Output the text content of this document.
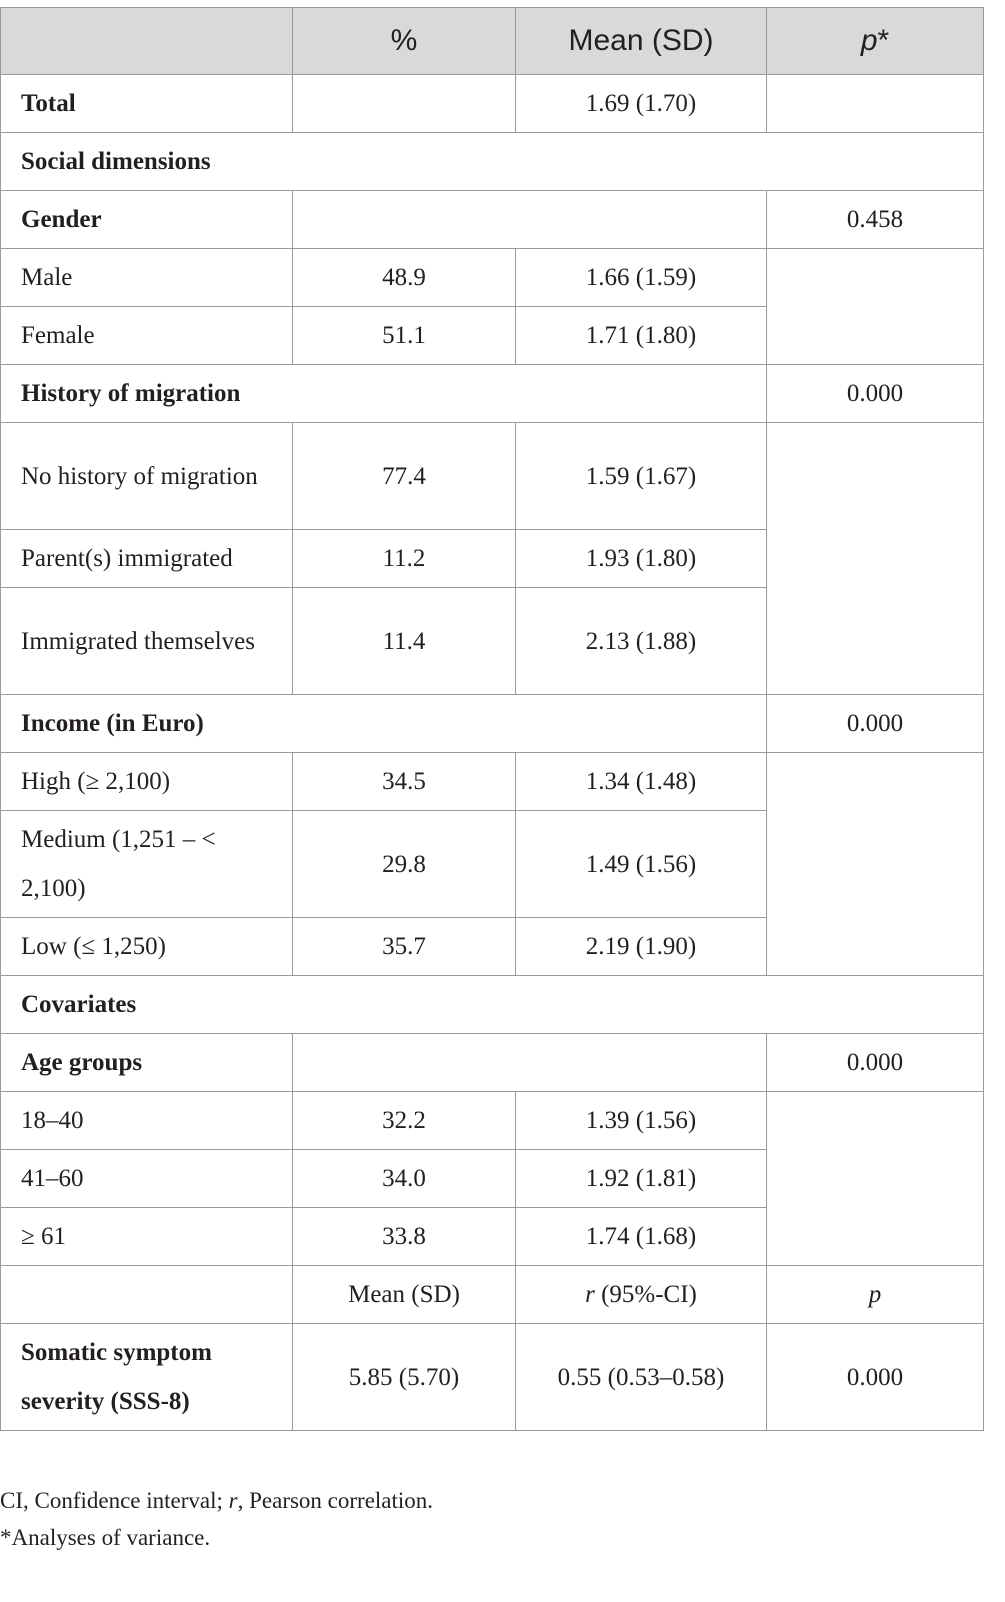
	%	Mean (SD)	p*
Total		1.69 (1.70)	
Social dimensions			
Gender			0.458
Male	48.9	1.66 (1.59)	
Female	51.1	1.71 (1.80)	
History of migration			0.000
No history of migration	77.4	1.59 (1.67)	
Parent(s) immigrated	11.2	1.93 (1.80)	
Immigrated themselves	11.4	2.13 (1.88)	
Income (in Euro)			0.000
High (≥ 2,100)	34.5	1.34 (1.48)	
Medium (1,251 – < 2,100)	29.8	1.49 (1.56)	
Low (≤ 1,250)	35.7	2.19 (1.90)	
Covariates			
Age groups			0.000
18–40	32.2	1.39 (1.56)	
41–60	34.0	1.92 (1.81)	
≥ 61	33.8	1.74 (1.68)	
	Mean (SD)	r (95%-CI)	p
Somatic symptom severity (SSS-8)	5.85 (5.70)	0.55 (0.53–0.58)	0.000

CI, Confidence interval; r, Pearson correlation.

*Analyses of variance.
